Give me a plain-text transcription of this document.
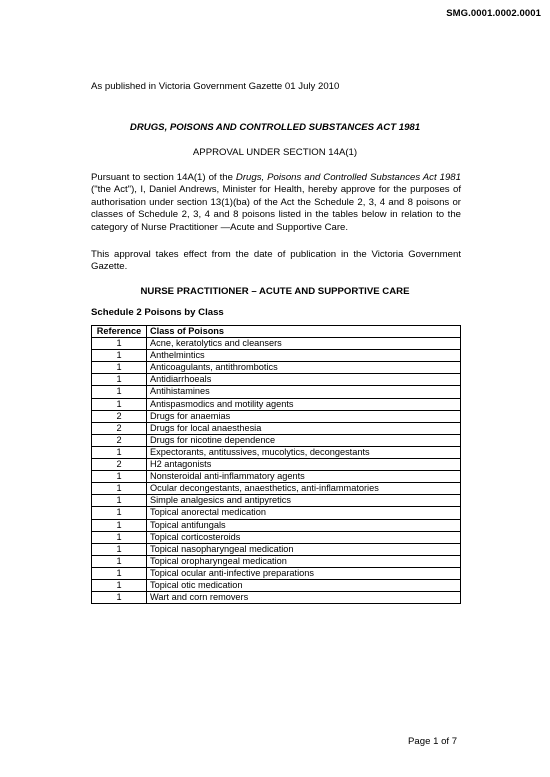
SMG.0001.0002.0001
As published in Victoria Government Gazette 01 July 2010
DRUGS, POISONS AND CONTROLLED SUBSTANCES ACT 1981
APPROVAL UNDER SECTION 14A(1)

Pursuant to section 14A(1) of the Drugs, Poisons and Controlled Substances Act 1981 ("the Act"), I, Daniel Andrews, Minister for Health, hereby approve for the purposes of authorisation under section 13(1)(ba) of the Act the Schedule 2, 3, 4 and 8 poisons or classes of Schedule 2, 3, 4 and 8 poisons listed in the tables below in relation to the category of Nurse Practitioner —Acute and Supportive Care.

This approval takes effect from the date of publication in the Victoria Government Gazette.

NURSE PRACTITIONER – ACUTE AND SUPPORTIVE CARE
Schedule 2 Poisons by Class
Reference	Class of Poisons
1	Acne, keratolytics and cleansers
1	Anthelmintics
1	Anticoagulants, antithrombotics
1	Antidiarrhoeals
1	Antihistamines
1	Antispasmodics and motility agents
2	Drugs for anaemias
2	Drugs for local anaesthesia
2	Drugs for nicotine dependence
1	Expectorants, antitussives, mucolytics, decongestants
2	H2 antagonists
1	Nonsteroidal anti-inflammatory agents
1	Ocular decongestants, anaesthetics, anti-inflammatories
1	Simple analgesics and antipyretics
1	Topical anorectal medication
1	Topical antifungals
1	Topical corticosteroids
1	Topical nasopharyngeal medication
1	Topical oropharyngeal medication
1	Topical ocular anti-infective preparations
1	Topical otic medication
1	Wart and corn removers
Page 1 of 7
